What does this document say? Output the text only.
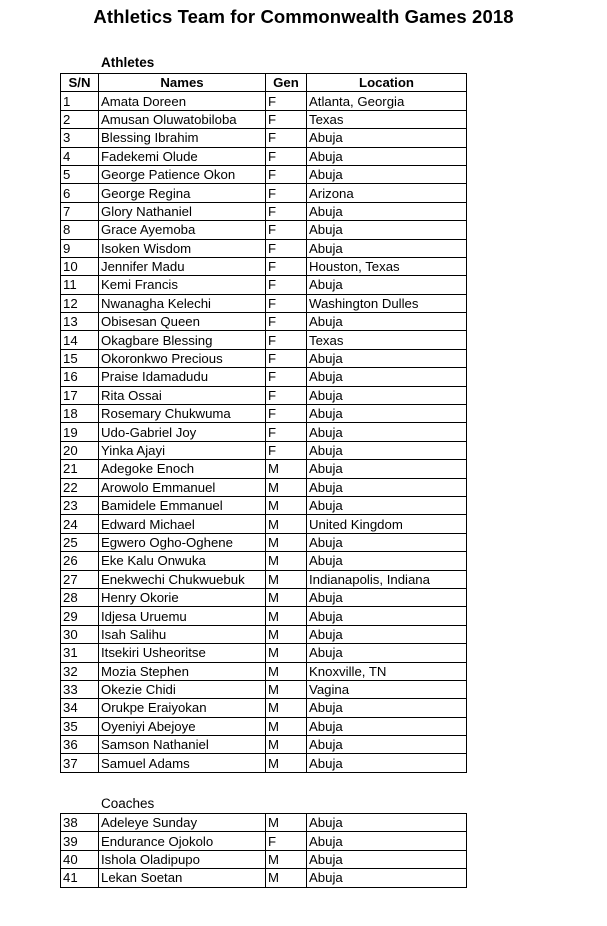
Athletics Team for Commonwealth Games 2018
Athletes
S/N	Names	Gen	Location
1	Amata Doreen	F	Atlanta, Georgia
2	Amusan Oluwatobiloba	F	Texas
3	Blessing Ibrahim	F	Abuja
4	Fadekemi Olude	F	Abuja
5	George Patience Okon	F	Abuja
6	George Regina	F	Arizona
7	Glory Nathaniel	F	Abuja
8	Grace Ayemoba	F	Abuja
9	Isoken Wisdom	F	Abuja
10	Jennifer Madu	F	Houston, Texas
11	Kemi Francis	F	Abuja
12	Nwanagha Kelechi	F	Washington Dulles
13	Obisesan Queen	F	Abuja
14	Okagbare Blessing	F	Texas
15	Okoronkwo Precious	F	Abuja
16	Praise Idamadudu	F	Abuja
17	Rita Ossai	F	Abuja
18	Rosemary Chukwuma	F	Abuja
19	Udo-Gabriel Joy	F	Abuja
20	Yinka Ajayi	F	Abuja
21	Adegoke Enoch	M	Abuja
22	Arowolo Emmanuel	M	Abuja
23	Bamidele Emmanuel	M	Abuja
24	Edward Michael	M	United Kingdom
25	Egwero Ogho-Oghene	M	Abuja
26	Eke Kalu Onwuka	M	Abuja
27	Enekwechi Chukwuebuk	M	Indianapolis, Indiana
28	Henry Okorie	M	Abuja
29	Idjesa Uruemu	M	Abuja
30	Isah Salihu	M	Abuja
31	Itsekiri Usheoritse	M	Abuja
32	Mozia Stephen	M	Knoxville, TN
33	Okezie Chidi	M	Vagina
34	Orukpe Eraiyokan	M	Abuja
35	Oyeniyi Abejoye	M	Abuja
36	Samson Nathaniel	M	Abuja
37	Samuel Adams	M	Abuja
Coaches
38	Adeleye Sunday	M	Abuja
39	Endurance Ojokolo	F	Abuja
40	Ishola Oladipupo	M	Abuja
41	Lekan Soetan	M	Abuja
